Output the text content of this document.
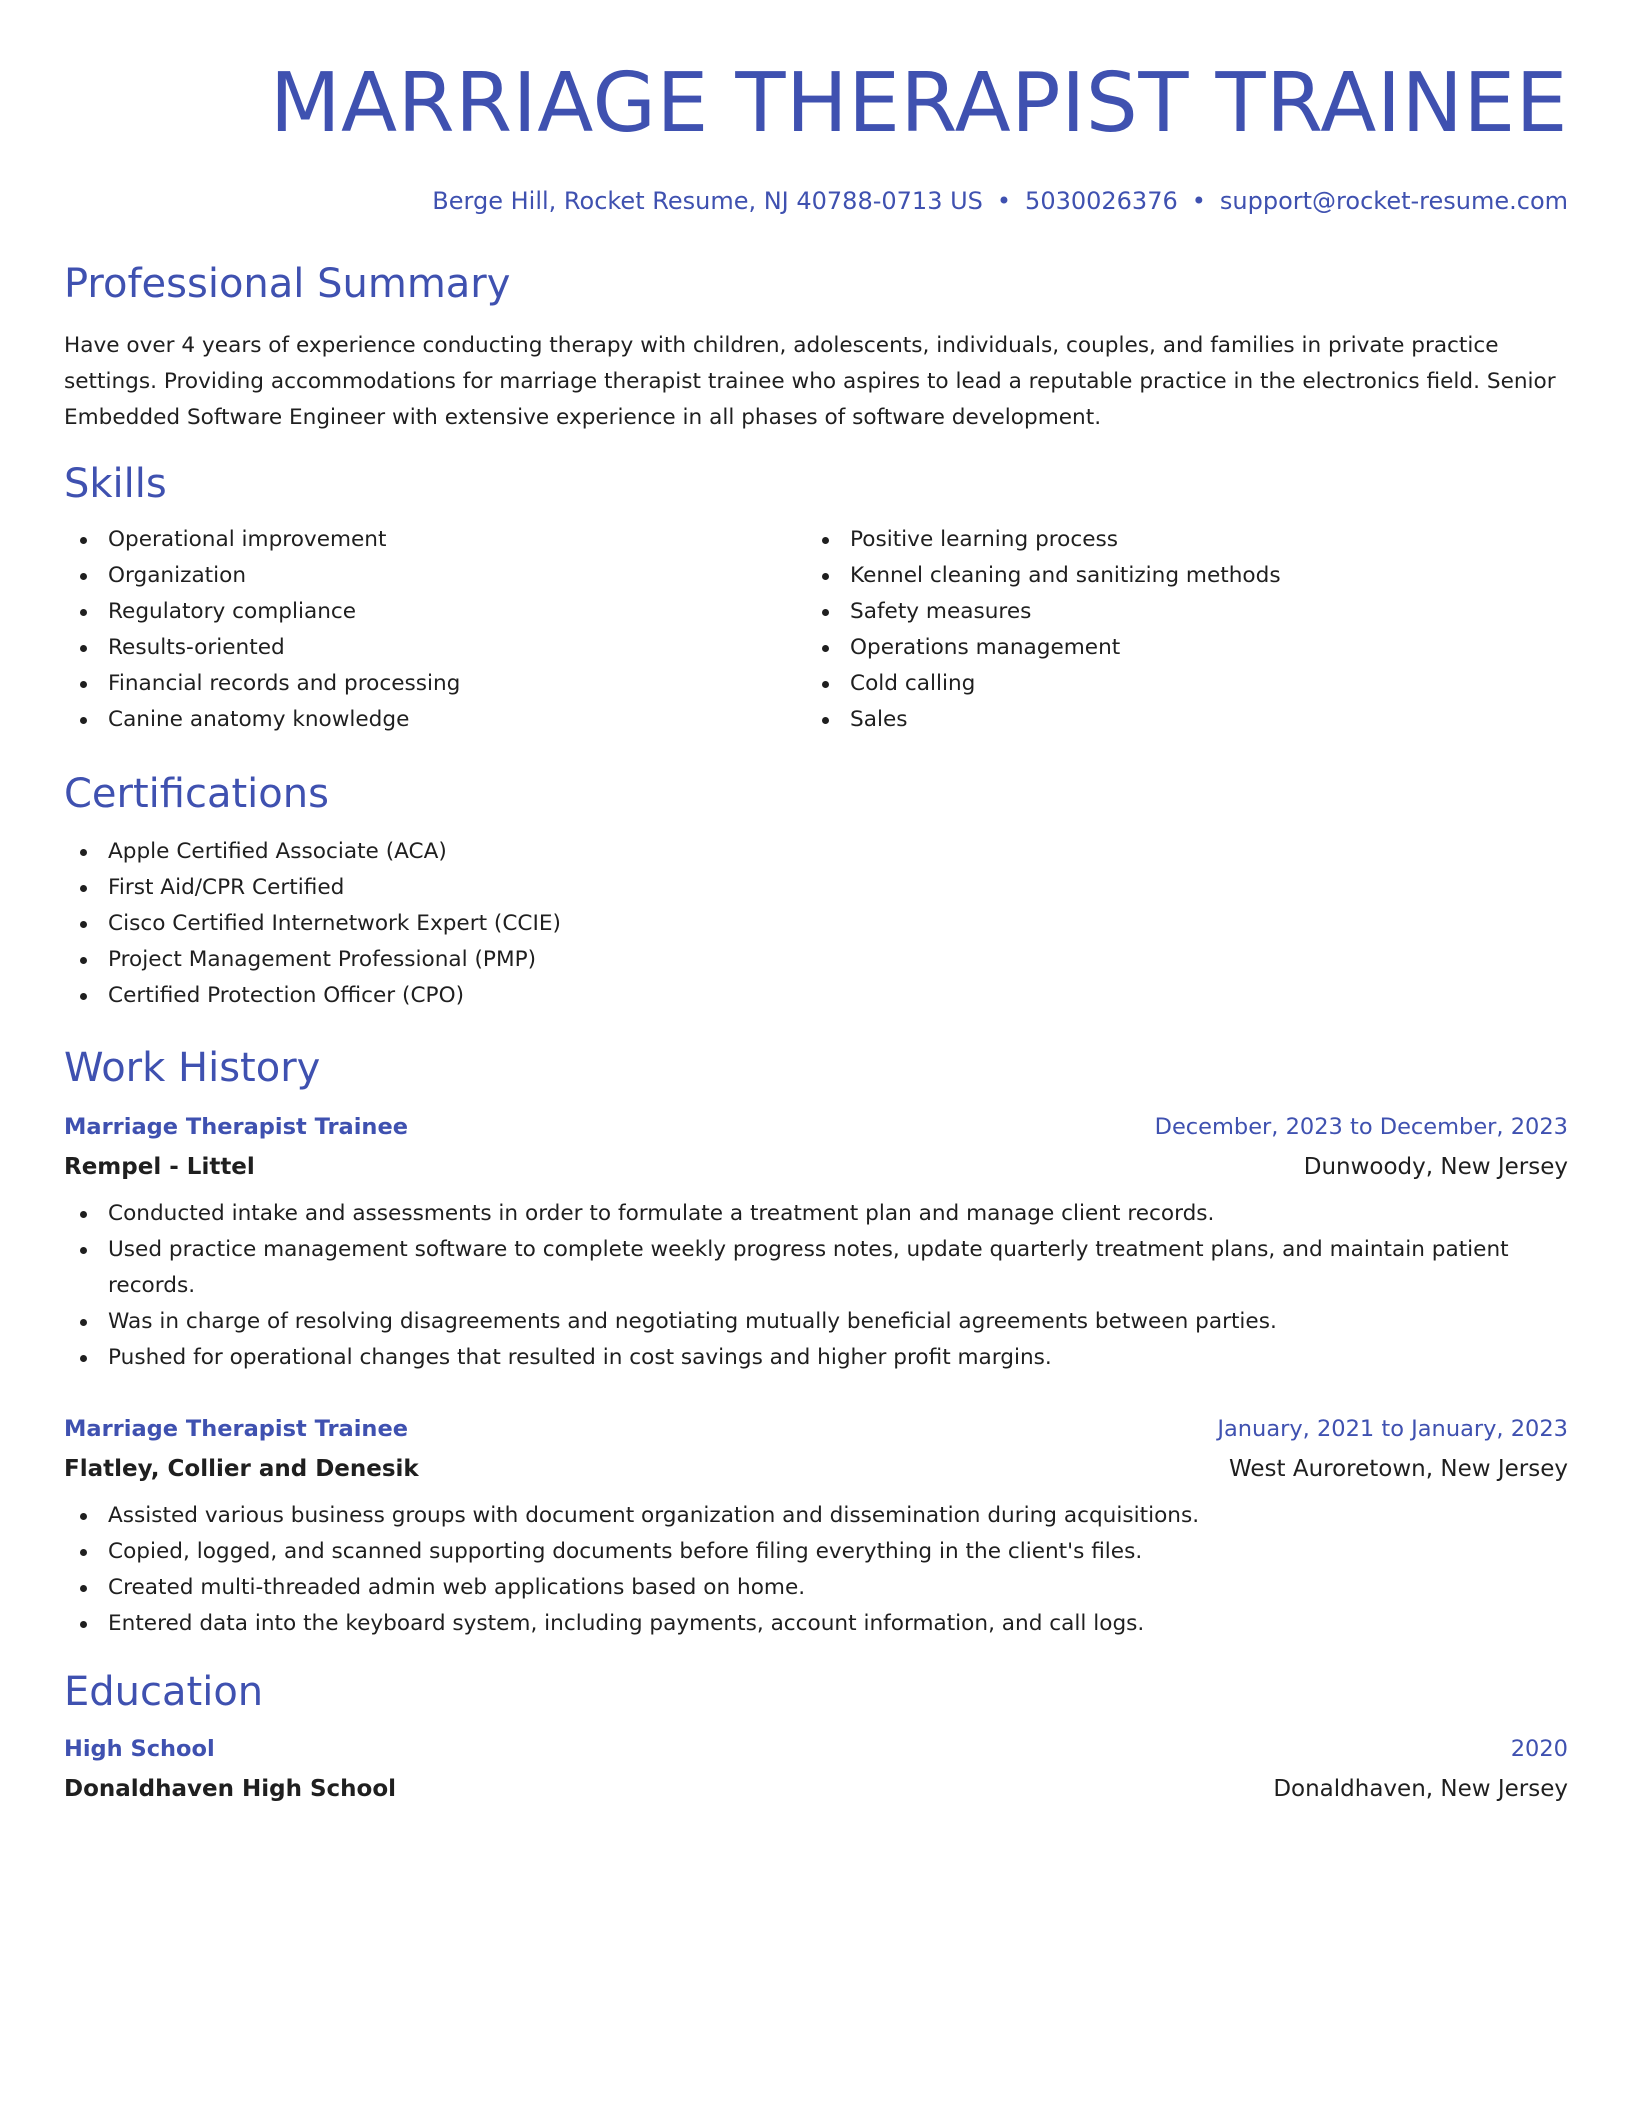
MARRIAGE THERAPIST TRAINEE
Berge Hill, Rocket Resume, NJ 40788-0713 US • 5030026376 • support@rocket-resume.com
Professional Summary

Have over 4 years of experience conducting therapy with children, adolescents, individuals, couples, and families in private practice settings. Providing accommodations for marriage therapist trainee who aspires to lead a reputable practice in the electronics field. Senior Embedded Software Engineer with extensive experience in all phases of software development.

Skills
Operational improvement
Organization
Regulatory compliance
Results-oriented
Financial records and processing
Canine anatomy knowledge
Positive learning process
Kennel cleaning and sanitizing methods
Safety measures
Operations management
Cold calling
Sales
Certifications
Apple Certified Associate (ACA)
First Aid/CPR Certified
Cisco Certified Internetwork Expert (CCIE)
Project Management Professional (PMP)
Certified Protection Officer (CPO)
Work History
Marriage Therapist Trainee	December, 2023 to December, 2023
Rempel - Littel	Dunwoody, New Jersey
Conducted intake and assessments in order to formulate a treatment plan and manage client records.
Used practice management software to complete weekly progress notes, update quarterly treatment plans, and maintain patient records.
Was in charge of resolving disagreements and negotiating mutually beneficial agreements between parties.
Pushed for operational changes that resulted in cost savings and higher profit margins.
Marriage Therapist Trainee	January, 2021 to January, 2023
Flatley, Collier and Denesik	West Auroretown, New Jersey
Assisted various business groups with document organization and dissemination during acquisitions.
Copied, logged, and scanned supporting documents before filing everything in the client's files.
Created multi-threaded admin web applications based on home.
Entered data into the keyboard system, including payments, account information, and call logs.
Education
High School	2020
Donaldhaven High School	Donaldhaven, New Jersey
